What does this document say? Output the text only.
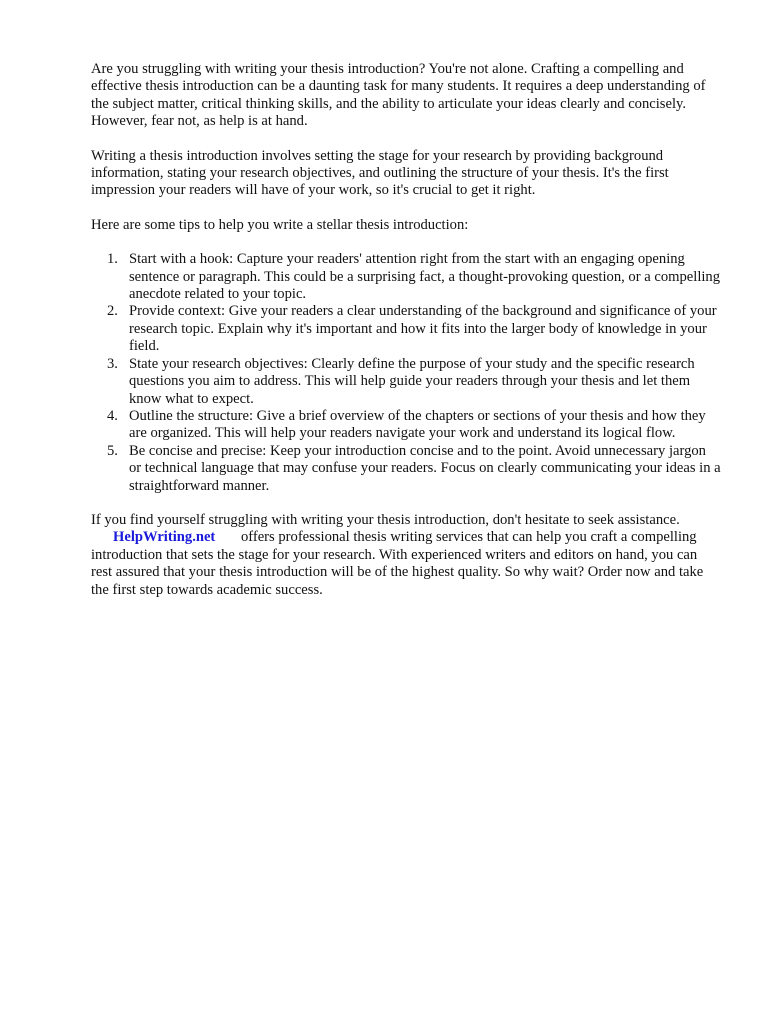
Are you struggling with writing your thesis introduction? You're not alone. Crafting a compelling and effective thesis introduction can be a daunting task for many students. It requires a deep understanding of the subject matter, critical thinking skills, and the ability to articulate your ideas clearly and concisely. However, fear not, as help is at hand.

Writing a thesis introduction involves setting the stage for your research by providing background information, stating your research objectives, and outlining the structure of your thesis. It's the first impression your readers will have of your work, so it's crucial to get it right.

Here are some tips to help you write a stellar thesis introduction:

1. Start with a hook: Capture your readers' attention right from the start with an engaging opening sentence or paragraph. This could be a surprising fact, a thought-provoking question, or a compelling anecdote related to your topic.
2. Provide context: Give your readers a clear understanding of the background and significance of your research topic. Explain why it's important and how it fits into the larger body of knowledge in your field.
3. State your research objectives: Clearly define the purpose of your study and the specific research questions you aim to address. This will help guide your readers through your thesis and let them know what to expect.
4. Outline the structure: Give a brief overview of the chapters or sections of your thesis and how they are organized. This will help your readers navigate your work and understand its logical flow.
5. Be concise and precise: Keep your introduction concise and to the point. Avoid unnecessary jargon or technical language that may confuse your readers. Focus on clearly communicating your ideas in a straightforward manner.

If you find yourself struggling with writing your thesis introduction, don't hesitate to seek assistance. HelpWriting.net offers professional thesis writing services that can help you craft a compelling introduction that sets the stage for your research. With experienced writers and editors on hand, you can rest assured that your thesis introduction will be of the highest quality. So why wait? Order now and take the first step towards academic success.
